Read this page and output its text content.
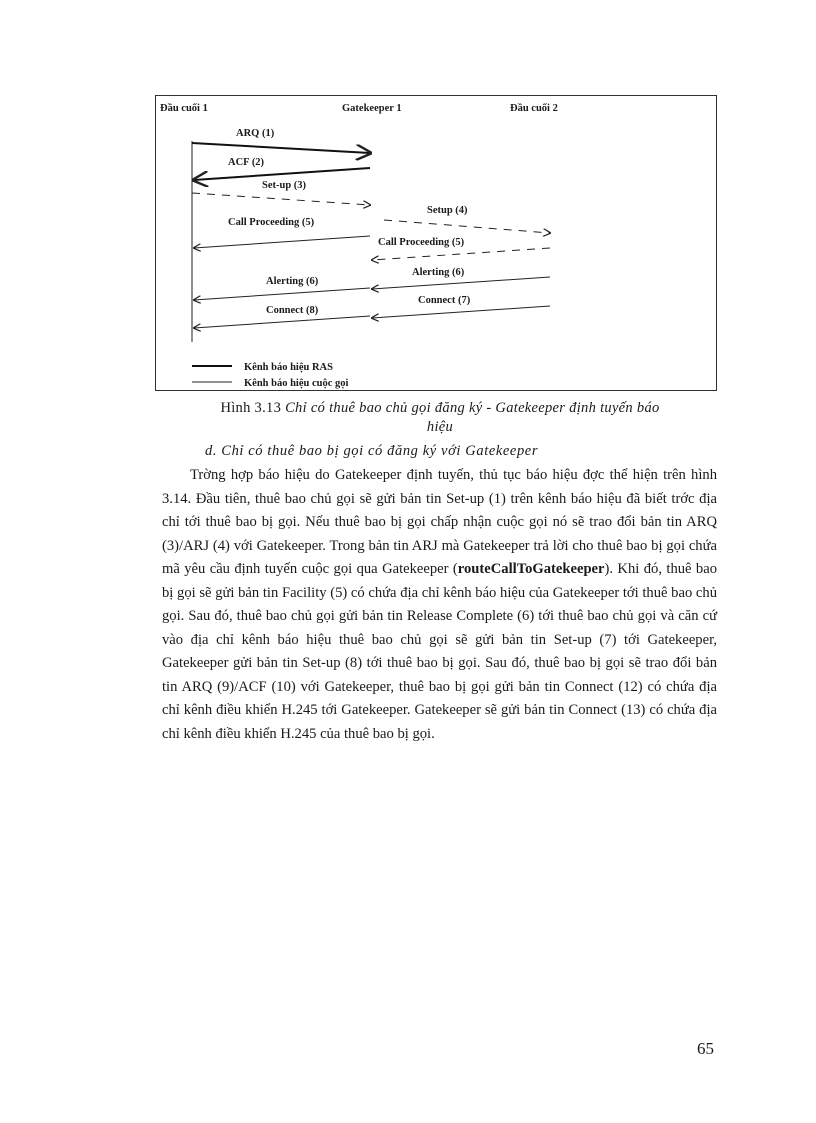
Đầu cuối 1	Gatekeeper 1	Đầu cuối 2
ARQ (1)
ACF (2)
Set-up (3)
Call Proceeding (5)
Setup (4)
Call Proceeding (5)
Alerting (6)
Alerting (6)
Connect (7)
Connect (8)
Kênh báo hiệu RAS
Kênh báo hiệu cuộc gọi
Hình 3.13 Chỉ có thuê bao chủ gọi đăng ký - Gatekeeper định tuyến báo
hiệu
d. Chỉ có thuê bao bị gọi có đăng ký với Gatekeeper

Trờng hợp báo hiệu do Gatekeeper định tuyến, thủ tục báo hiệu đợc thể hiện trên hình 3.14. Đầu tiên, thuê bao chủ gọi sẽ gửi bản tin Set-up (1) trên kênh báo hiệu đã biết trớc địa chỉ tới thuê bao bị gọi. Nếu thuê bao bị gọi chấp nhận cuộc gọi nó sẽ trao đổi bản tin ARQ (3)/ARJ (4) với Gatekeeper. Trong bản tin ARJ mà Gatekeeper trả lời cho thuê bao bị gọi chứa mã yêu cầu định tuyến cuộc gọi qua Gatekeeper (routeCallToGatekeeper). Khi đó, thuê bao bị gọi sẽ gửi bản tin Facility (5) có chứa địa chỉ kênh báo hiệu của Gatekeeper tới thuê bao chủ gọi. Sau đó, thuê bao chủ gọi gửi bản tin Release Complete (6) tới thuê bao chủ gọi và căn cứ vào địa chỉ kênh báo hiệu thuê bao chủ gọi sẽ gửi bản tin Set-up (7) tới Gatekeeper, Gatekeeper gửi bản tin Set-up (8) tới thuê bao bị gọi. Sau đó, thuê bao bị gọi sẽ trao đổi bản tin ARQ (9)/ACF (10) với Gatekeeper, thuê bao bị gọi gửi bản tin Connect (12) có chứa địa chỉ kênh điều khiển H.245 tới Gatekeeper. Gatekeeper sẽ gửi bản tin Connect (13) có chứa địa chỉ kênh điều khiển H.245 của thuê bao bị gọi.

65
